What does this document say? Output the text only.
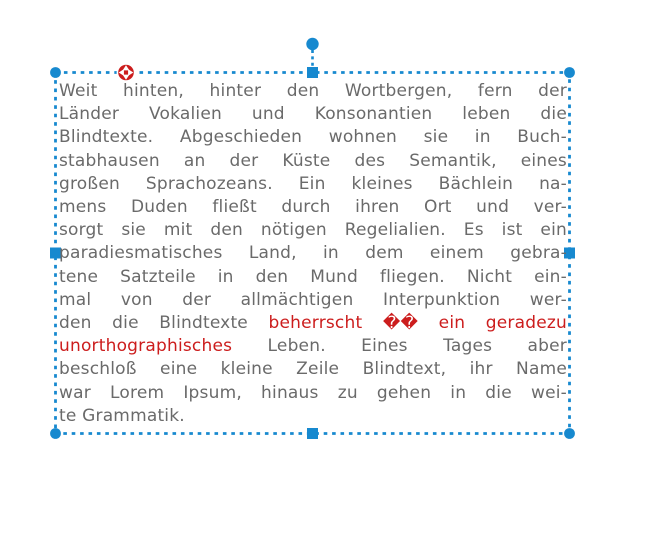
Weit hinten, hinter den Wortbergen, fern der
Länder Vokalien und Konsonantien leben die
Blindtexte. Abgeschieden wohnen sie in Buch-
stabhausen an der Küste des Semantik, eines
großen Sprachozeans. Ein kleines Bächlein na-
mens Duden fließt durch ihren Ort und ver-
sorgt sie mit den nötigen Regelialien. Es ist ein
paradiesmatisches Land, in dem einem gebra-
tene Satzteile in den Mund fliegen. Nicht ein-
mal von der allmächtigen Interpunktion wer-
den die Blindtexte beherrscht �� ein geradezu
unorthographisches Leben. Eines Tages aber
beschloß eine kleine Zeile Blindtext, ihr Name
war Lorem Ipsum, hinaus zu gehen in die wei-
te Grammatik.
